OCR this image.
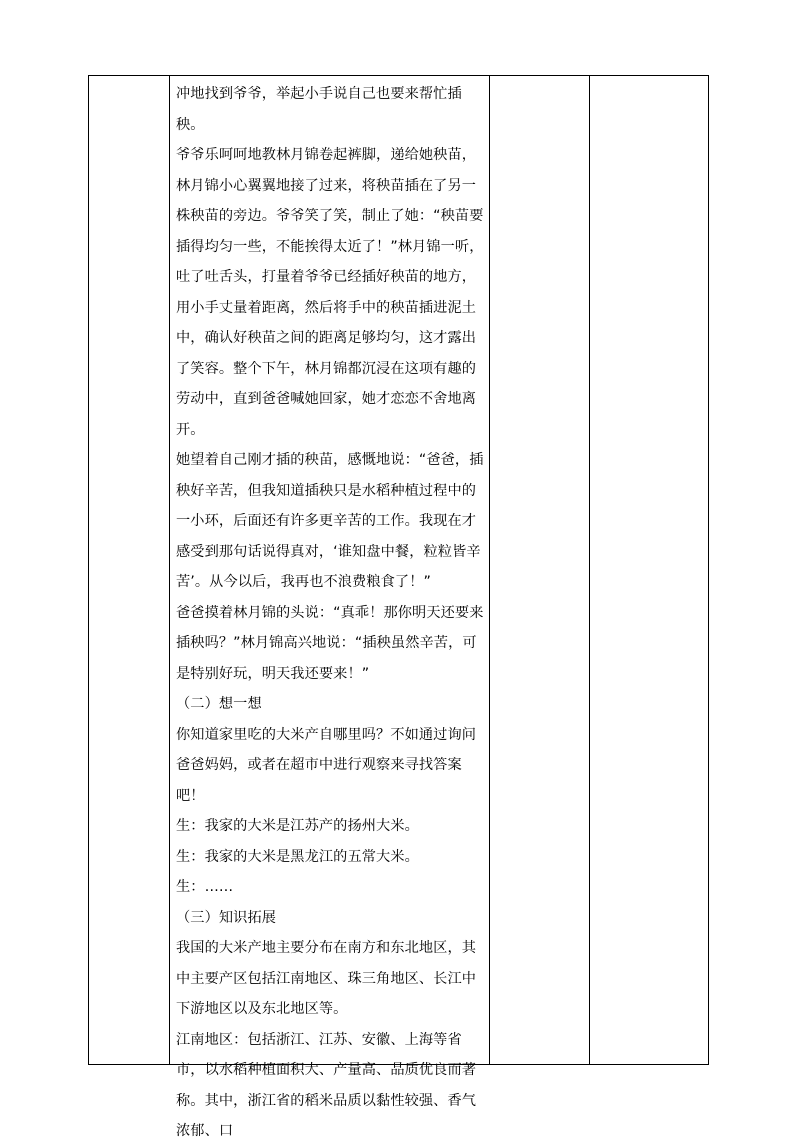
冲地找到爷爷，举起小手说自己也要来帮忙插秧。

爷爷乐呵呵地教林月锦卷起裤脚，递给她秧苗，林月锦小心翼翼地接了过来，将秧苗插在了另一株秧苗的旁边。爷爷笑了笑，制止了她：“秧苗要插得均匀一些，不能挨得太近了！”林月锦一听，吐了吐舌头，打量着爷爷已经插好秧苗的地方，用小手丈量着距离，然后将手中的秧苗插进泥土中，确认好秧苗之间的距离足够均匀，这才露出了笑容。整个下午，林月锦都沉浸在这项有趣的劳动中，直到爸爸喊她回家，她才恋恋不舍地离开。

她望着自己刚才插的秧苗，感慨地说：“爸爸，插秧好辛苦，但我知道插秧只是水稻种植过程中的一小环，后面还有许多更辛苦的工作。我现在才感受到那句话说得真对，‘谁知盘中餐，粒粒皆辛苦’。从今以后，我再也不浪费粮食了！”

爸爸摸着林月锦的头说：“真乖！那你明天还要来插秧吗？”林月锦高兴地说：“插秧虽然辛苦，可是特别好玩，明天我还要来！”

（二）想一想

你知道家里吃的大米产自哪里吗？不如通过询问爸爸妈妈，或者在超市中进行观察来寻找答案吧！

生：我家的大米是江苏产的扬州大米。

生：我家的大米是黑龙江的五常大米。

生：……

（三）知识拓展

我国的大米产地主要分布在南方和东北地区，其中主要产区包括江南地区、珠三角地区、长江中下游地区以及东北地区等。

江南地区：包括浙江、江苏、安徽、上海等省市，以水稻种植面积大、产量高、品质优良而著称。其中，浙江省的稻米品质以黏性较强、香气浓郁、口
